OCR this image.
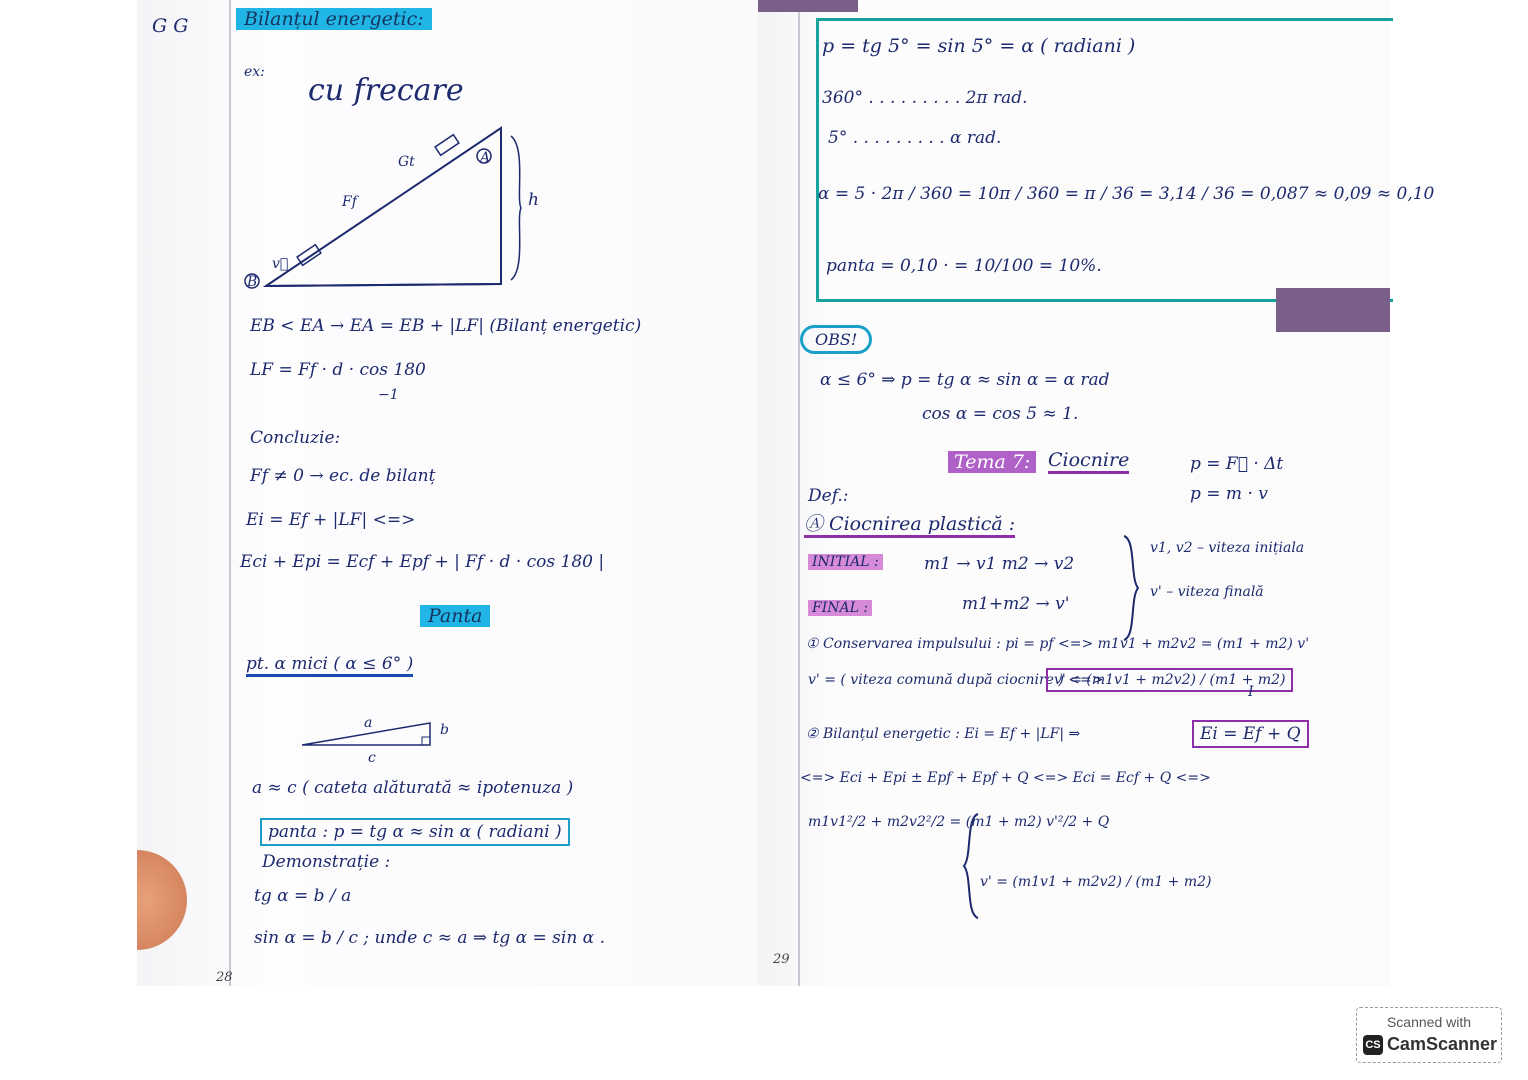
G G	Bilanțul energetic:
ex:
cu frecare
B
A
h
v⃗
Ff
Gt
EB < EA → EA = EB + |LF| (Bilanț energetic)
LF = Ff · d · cos 180
−1
Concluzie:
Ff ≠ 0 → ec. de bilanț
Ei = Ef + |LF| <=>
Eci + Epi = Ecf + Epf + | Ff · d · cos 180 |
Panta
pt. α mici ( α ≤ 6° )
a	b
c
a ≈ c ( cateta alăturată ≈ ipotenuza )
panta : p = tg α ≈ sin α ( radiani )
Demonstrație :
tg α = b / a
sin α = b / c ; unde c ≈ a ⇒ tg α = sin α .
28
p = tg 5° = sin 5° = α ( radiani )
360° . . . . . . . . . 2π rad.
5° . . . . . . . . . α rad.
α = 5 · 2π / 360 = 10π / 360 = π / 36 = 3,14 / 36 = 0,087 ≈ 0,09 ≈ 0,10
panta = 0,10 · = 10/100 = 10%.
OBS!
α ≤ 6° ⇒ p = tg α ≈ sin α = α rad
cos α = cos 5 ≈ 1.
Tema 7: Ciocnire	p = F⃗ · Δt
p = m · v
Def.:
Ⓐ Ciocnirea plastică :
INITIAL :	m1 → v1 m2 → v2
v1, v2 – viteza inițiala
FINAL :	m1+m2 → v'
v' – viteza finală
① Conservarea impulsului : pi = pf <=> m1v1 + m2v2 = (m1 + m2) v'
v' = ( viteza comună după ciocnire ) <=>
v' = (m1v1 + m2v2) / (m1 + m2)
I
② Bilanțul energetic : Ei = Ef + |LF| ⇒	Ei = Ef + Q
<=> Eci + Epi ± Epf + Epf + Q <=> Eci = Ecf + Q <=>
m1v1²/2 + m2v2²/2 = (m1 + m2) v'²/2 + Q
v' = (m1v1 + m2v2) / (m1 + m2)
29
Scanned with
CS CamScanner
